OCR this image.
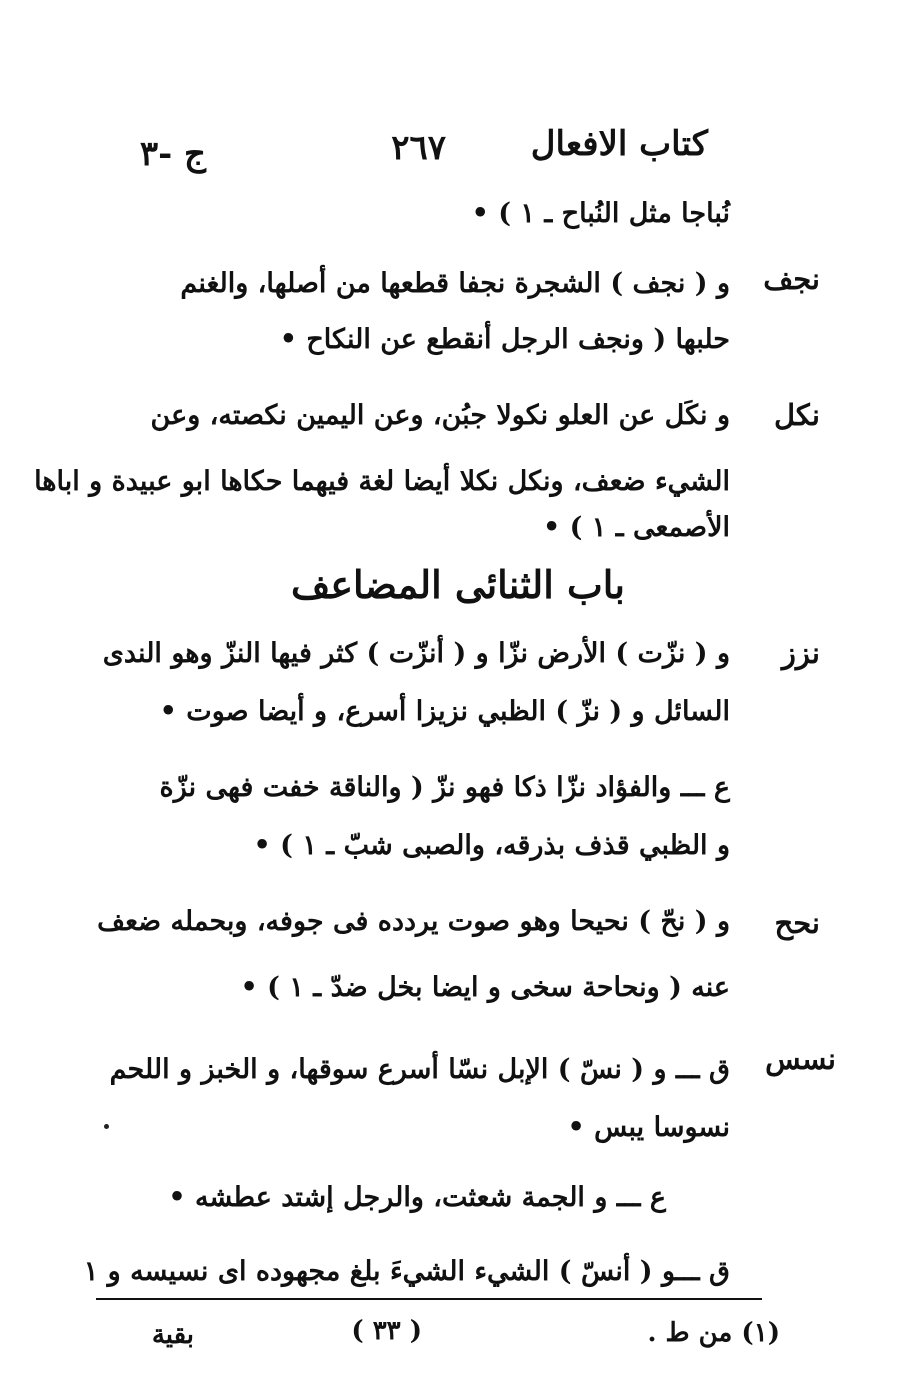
كتاب الافعال
٢٦٧
ج -٣
نُباجا مثل النُباح ـ ١ ) •
نجف
و ( نجف ) الشجرة نجفا قطعها من أصلها، والغنم
حلبها ( ونجف الرجل أنقطع عن النكاح •
نكل
و نكَل عن العلو نكولا جبُن، وعن اليمين نكصته، وعن
الشيء ضعف، ونكل نكلا أيضا لغة فيهما حكاها ابو عبيدة و اباها
الأصمعى ـ ١ ) •
باب الثنائى المضاعف
نزز
و ( نزّت ) الأرض نزّا و ( أنزّت ) كثر فيها النزّ وهو الندى
السائل و ( نزّ ) الظبي نزيزا أسرع، و أيضا صوت •
ع ـــ والفؤاد نزّا ذكا فهو نزّ ( والناقة خفت فهى نزّة
و الظبي قذف بذرقه، والصبى شبّ ـ ١ ) •
نحح
و ( نحّ ) نحيحا وهو صوت يردده فى جوفه، وبحمله ضعف
عنه ( ونحاحة سخى و ايضا بخل ضدّ ـ ١ ) •
نسس
ق ـــ و ( نسّ ) الإبل نسّا أسرع سوقها، و الخبز و اللحم
نسوسا يبس •
ع ـــ و الجمة شعثت، والرجل إشتد عطشه •
ق ـــو ( أنسّ ) الشيء الشيءَ بلغ مجهوده اى نسيسه و ١
(١) من ط .
( ٣٣ )
بقية
